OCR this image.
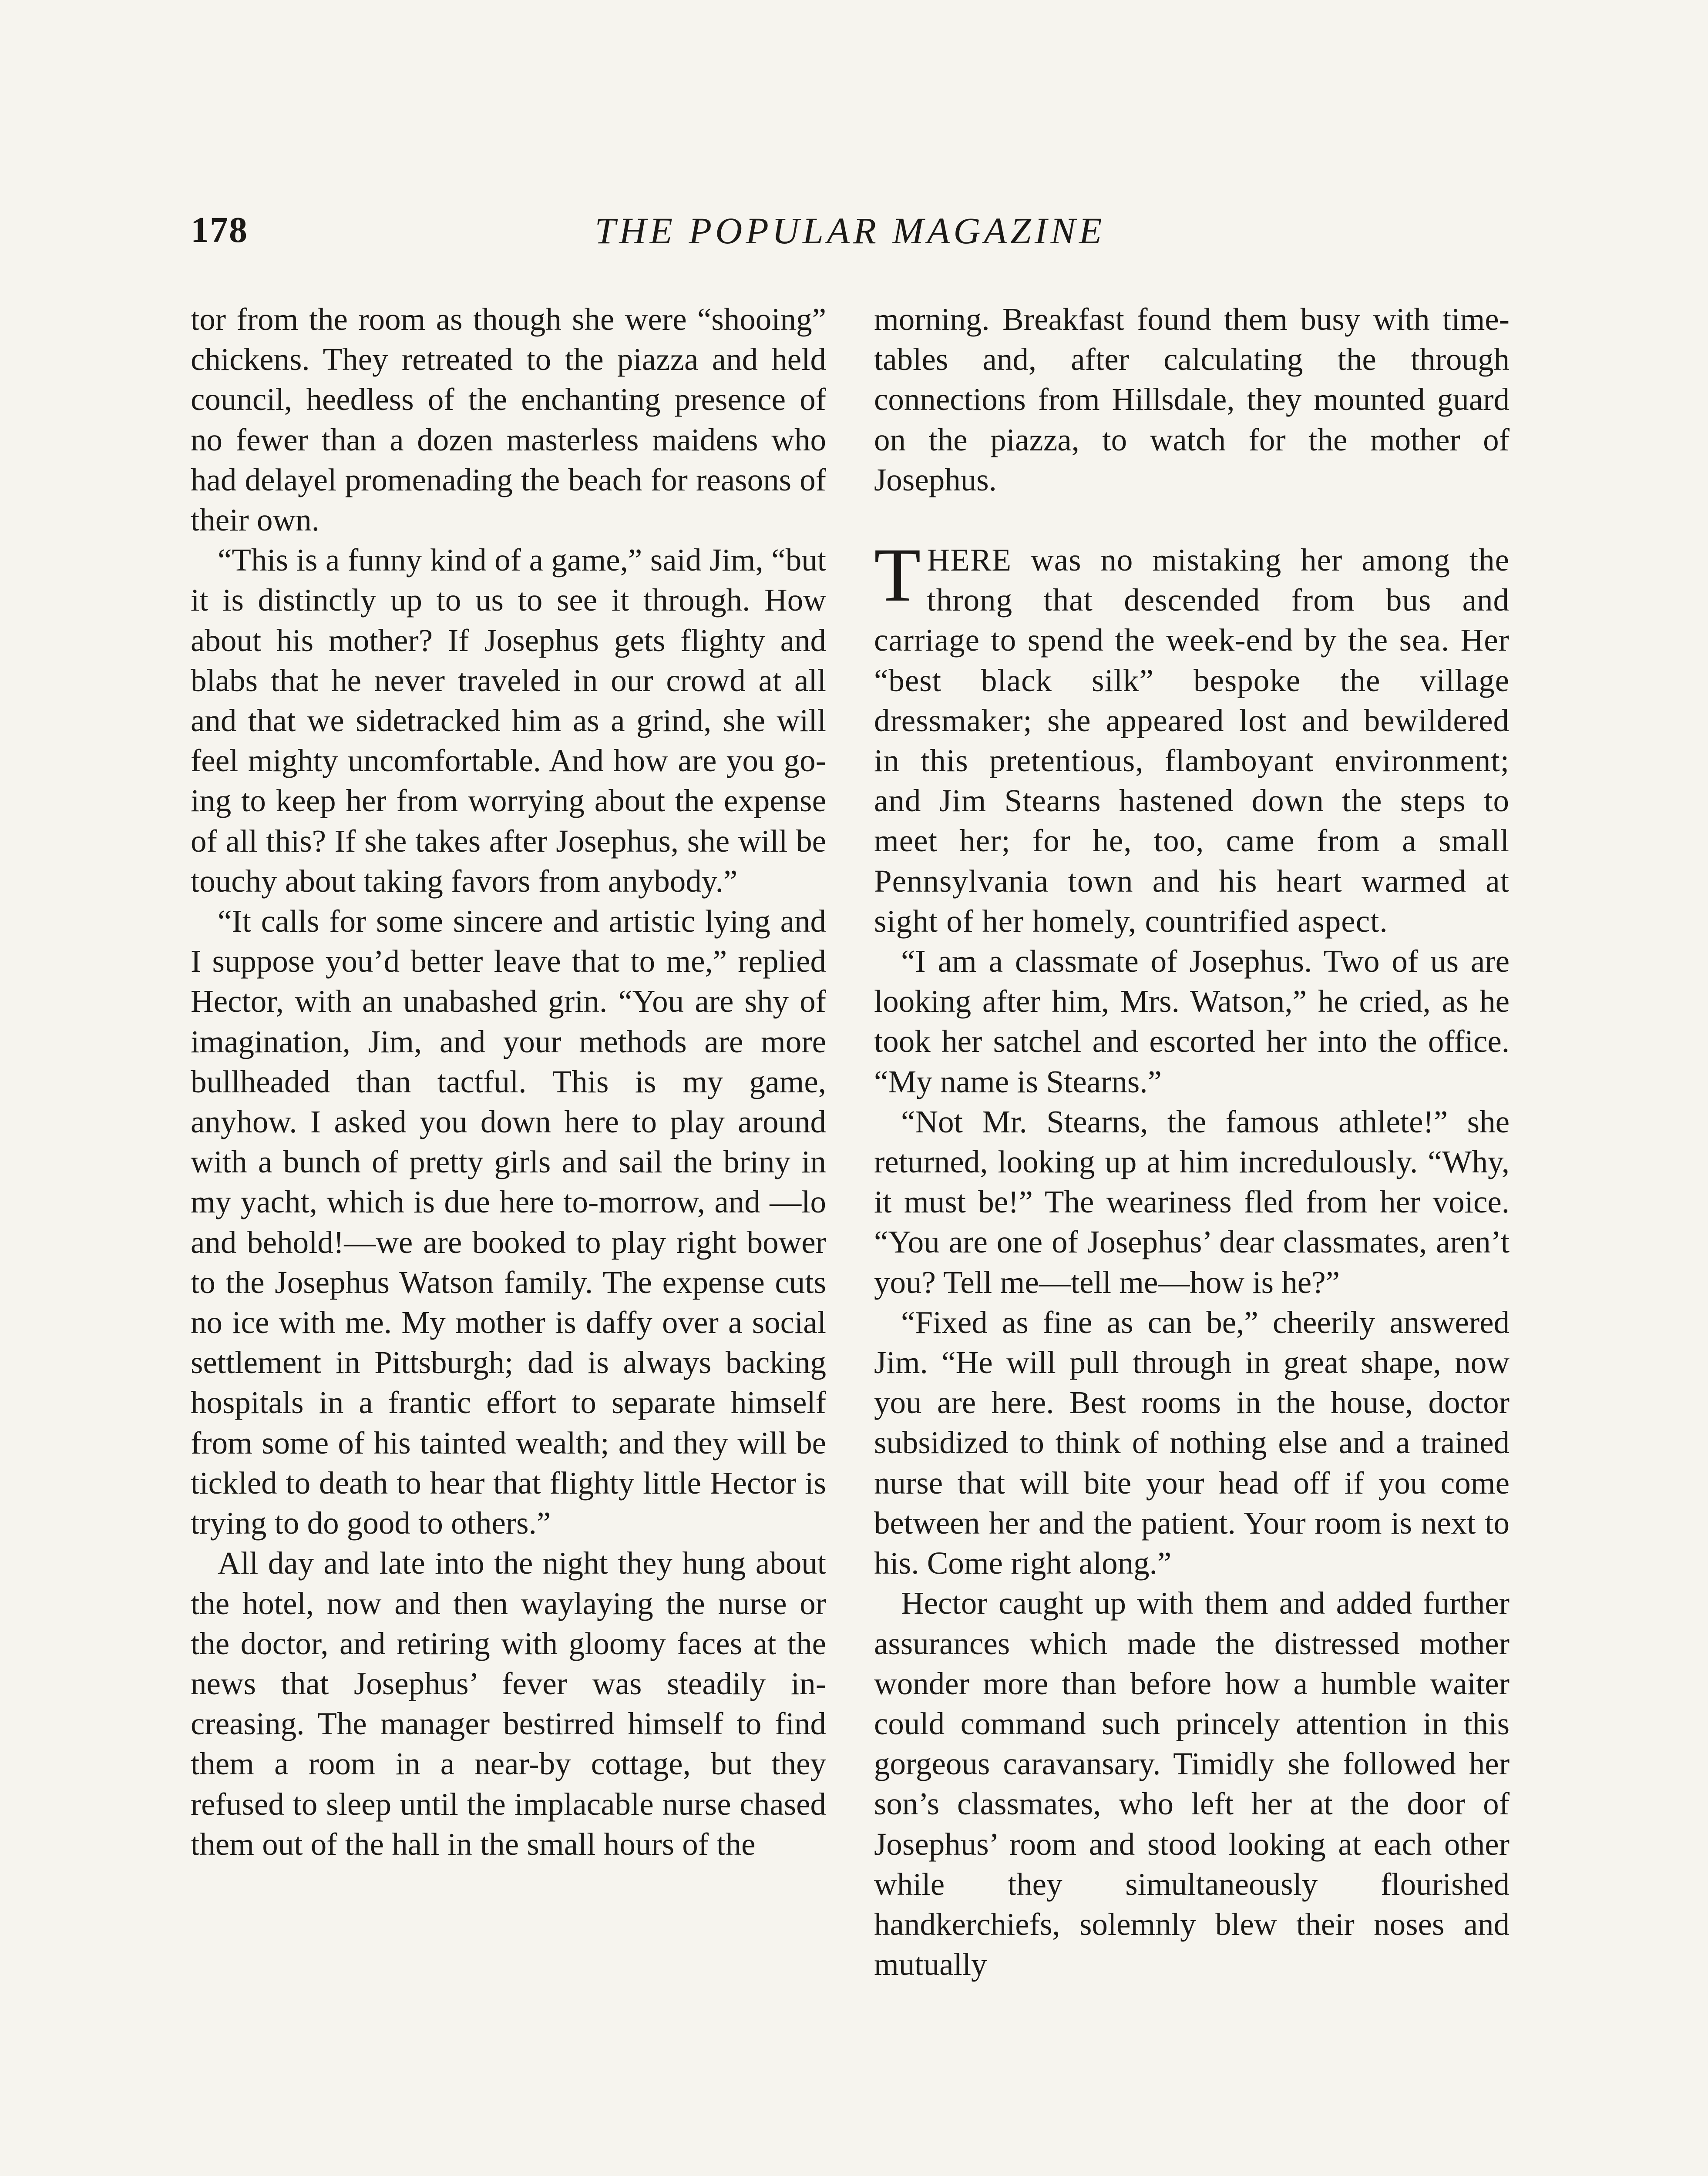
178	THE POPULAR MAGAZINE

tor from the room as though she were “shooing” chickens. They retreated to the piazza and held council, heedless of the enchanting presence of no fewer than a dozen masterless maidens who had delayel promenading the beach for reasons of their own.

“This is a funny kind of a game,” said Jim, “but it is distinctly up to us to see it through. How about his mother? If Josephus gets flighty and blabs that he never traveled in our crowd at all and that we sidetracked him as a grind, she will feel mighty uncomfortable. And how are you going to keep her from worrying about the expense of all this? If she takes after Josephus, she will be touchy about taking favors from anybody.”

“It calls for some sincere and artistic lying and I suppose you’d better leave that to me,” replied Hector, with an unabashed grin. “You are shy of imagination, Jim, and your methods are more bullheaded than tactful. This is my game, anyhow. I asked you down here to play around with a bunch of pretty girls and sail the briny in my yacht, which is due here to-morrow, and —lo and behold!—we are booked to play right bower to the Josephus Watson family. The expense cuts no ice with me. My mother is daffy over a social settlement in Pittsburgh; dad is always backing hospitals in a frantic effort to separate himself from some of his tainted wealth; and they will be tickled to death to hear that flighty little Hector is trying to do good to others.”

All day and late into the night they hung about the hotel, now and then waylaying the nurse or the doctor, and retiring with gloomy faces at the news that Josephus’ fever was steadily increasing. The manager bestirred himself to find them a room in a near-by cottage, but they refused to sleep until the implacable nurse chased them out of the hall in the small hours of the

morning. Breakfast found them busy with time-tables and, after calculating the through connections from Hillsdale, they mounted guard on the piazza, to watch for the mother of Josephus.

THERE was no mistaking her among the throng that descended from bus and carriage to spend the week-end by the sea. Her “best black silk” bespoke the village dressmaker; she appeared lost and bewildered in this pretentious, flamboyant environment; and Jim Stearns hastened down the steps to meet her; for he, too, came from a small Pennsylvania town and his heart warmed at sight of her homely, countrified aspect.

“I am a classmate of Josephus. Two of us are looking after him, Mrs. Watson,” he cried, as he took her satchel and escorted her into the office. “My name is Stearns.”

“Not Mr. Stearns, the famous athlete!” she returned, looking up at him incredulously. “Why, it must be!” The weariness fled from her voice. “You are one of Josephus’ dear classmates, aren’t you? Tell me—tell me—how is he?”

“Fixed as fine as can be,” cheerily answered Jim. “He will pull through in great shape, now you are here. Best rooms in the house, doctor subsidized to think of nothing else and a trained nurse that will bite your head off if you come between her and the patient. Your room is next to his. Come right along.”

Hector caught up with them and added further assurances which made the distressed mother wonder more than before how a humble waiter could command such princely attention in this gorgeous caravansary. Timidly she followed her son’s classmates, who left her at the door of Josephus’ room and stood looking at each other while they simultaneously flourished handkerchiefs, solemnly blew their noses and mutually
